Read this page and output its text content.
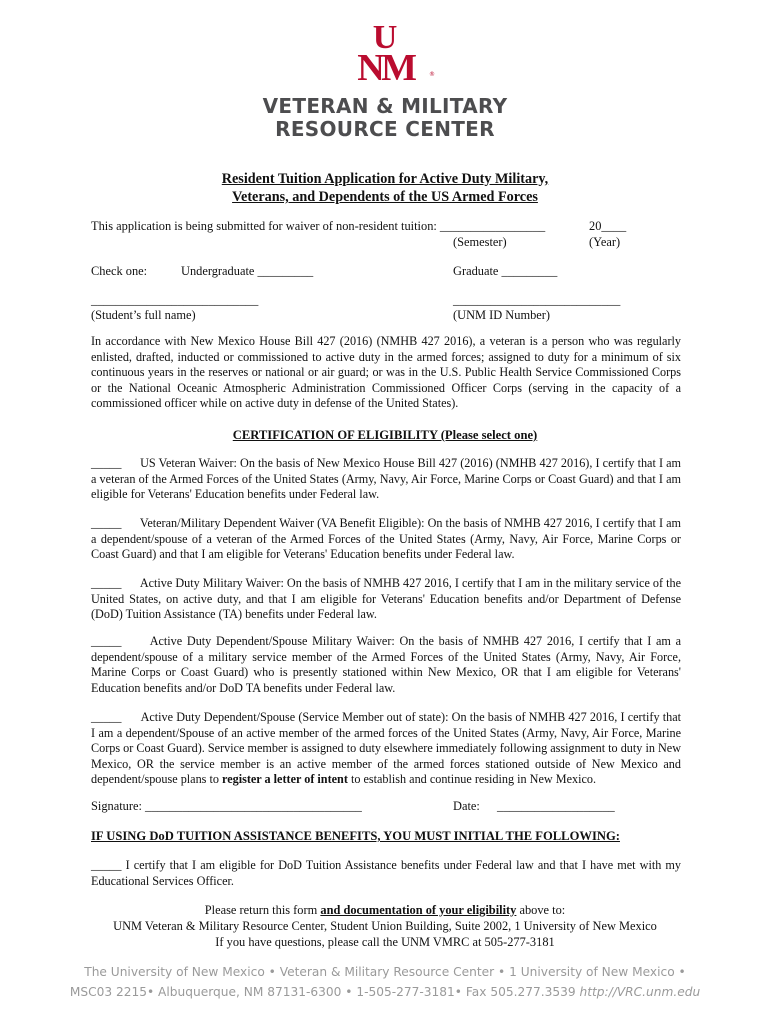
U
N
M ®
VETERAN & MILITARY
RESOURCE CENTER
Resident Tuition Application for Active Duty Military,
Veterans, and Dependents of the US Armed Forces
This application is being submitted for waiver of non-resident tuition: _________________	20____
(Semester)	(Year)
Check one:	Undergraduate _________	Graduate _________
___________________________	___________________________
(Student’s full name)	(UNM ID Number)
In accordance with New Mexico House Bill 427 (2016) (NMHB 427 2016), a veteran is a person who was regularly enlisted, drafted, inducted or commissioned to active duty in the armed forces; assigned to duty for a minimum of six continuous years in the reserves or national or air guard; or was in the U.S. Public Health Service Commissioned Corps or the National Oceanic Atmospheric Administration Commissioned Officer Corps (serving in the capacity of a commissioned officer while on active duty in defense of the United States).
CERTIFICATION OF ELIGIBILITY (Please select one)
_____ US Veteran Waiver: On the basis of New Mexico House Bill 427 (2016) (NMHB 427 2016), I certify that I am a veteran of the Armed Forces of the United States (Army, Navy, Air Force, Marine Corps or Coast Guard) and that I am eligible for Veterans' Education benefits under Federal law.
_____ Veteran/Military Dependent Waiver (VA Benefit Eligible): On the basis of NMHB 427 2016, I certify that I am a dependent/spouse of a veteran of the Armed Forces of the United States (Army, Navy, Air Force, Marine Corps or Coast Guard) and that I am eligible for Veterans' Education benefits under Federal law.
_____ Active Duty Military Waiver: On the basis of NMHB 427 2016, I certify that I am in the military service of the United States, on active duty, and that I am eligible for Veterans' Education benefits and/or Department of Defense (DoD) Tuition Assistance (TA) benefits under Federal law.
_____ Active Duty Dependent/Spouse Military Waiver: On the basis of NMHB 427 2016, I certify that I am a dependent/spouse of a military service member of the Armed Forces of the United States (Army, Navy, Air Force, Marine Corps or Coast Guard) who is presently stationed within New Mexico, OR that I am eligible for Veterans' Education benefits and/or DoD TA benefits under Federal law.
_____ Active Duty Dependent/Spouse (Service Member out of state): On the basis of NMHB 427 2016, I certify that I am a dependent/Spouse of an active member of the armed forces of the United States (Army, Navy, Air Force, Marine Corps or Coast Guard). Service member is assigned to duty elsewhere immediately following assignment to duty in New Mexico, OR the service member is an active member of the armed forces stationed outside of New Mexico and dependent/spouse plans to register a letter of intent to establish and continue residing in New Mexico.
Signature: ___________________________________	Date: ___________________
IF USING DoD TUITION ASSISTANCE BENEFITS, YOU MUST INITIAL THE FOLLOWING:
_____ I certify that I am eligible for DoD Tuition Assistance benefits under Federal law and that I have met with my Educational Services Officer.
Please return this form and documentation of your eligibility above to:
UNM Veteran & Military Resource Center, Student Union Building, Suite 2002, 1 University of New Mexico
If you have questions, please call the UNM VMRC at 505-277-3181
The University of New Mexico • Veteran & Military Resource Center • 1 University of New Mexico •
MSC03 2215• Albuquerque, NM 87131-6300 • 1-505-277-3181• Fax 505.277.3539 http://VRC.unm.edu
